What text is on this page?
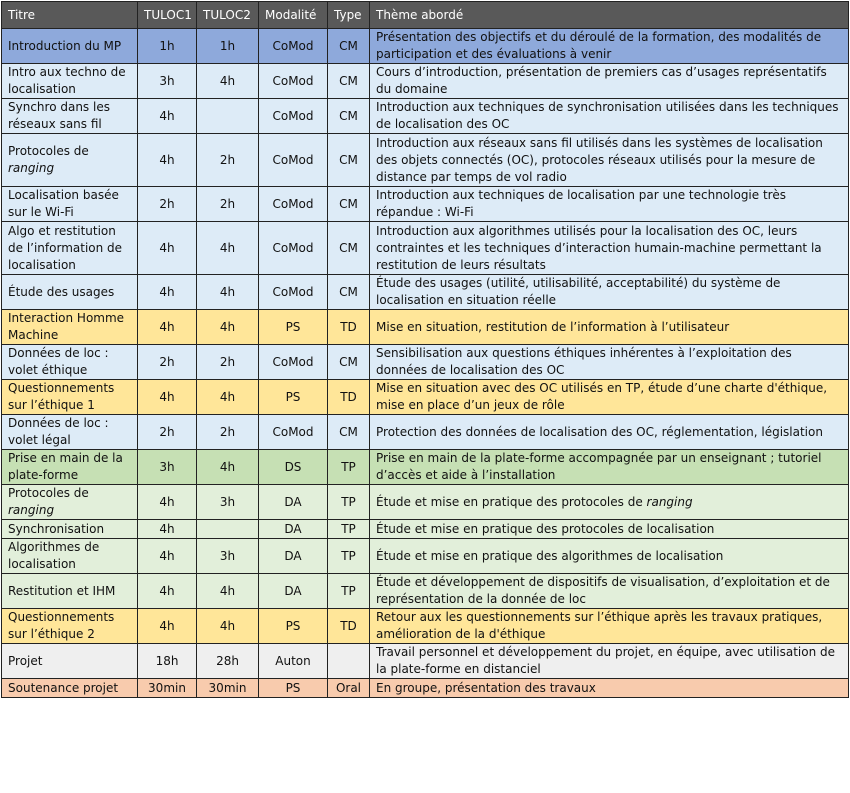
Titre	TULOC1	TULOC2	Modalité	Type	Thème abordé
Introduction du MP	1h	1h	CoMod	CM	Présentation des objectifs et du déroulé de la formation, des modalités de participation et des évaluations à venir
Intro aux techno de localisation	3h	4h	CoMod	CM	Cours d’introduction, présentation de premiers cas d’usages représentatifs du domaine
Synchro dans les réseaux sans fil	4h		CoMod	CM	Introduction aux techniques de synchronisation utilisées dans les techniques de localisation des OC
Protocoles de ranging	4h	2h	CoMod	CM	Introduction aux réseaux sans fil utilisés dans les systèmes de localisation des objets connectés (OC), protocoles réseaux utilisés pour la mesure de distance par temps de vol radio
Localisation basée sur le Wi-Fi	2h	2h	CoMod	CM	Introduction aux techniques de localisation par une technologie très répandue : Wi-Fi
Algo et restitution de l’information de localisation	4h	4h	CoMod	CM	Introduction aux algorithmes utilisés pour la localisation des OC, leurs contraintes et les techniques d’interaction humain-machine permettant la restitution de leurs résultats
Étude des usages	4h	4h	CoMod	CM	Étude des usages (utilité, utilisabilité, acceptabilité) du système de localisation en situation réelle
Interaction Homme Machine	4h	4h	PS	TD	Mise en situation, restitution de l’information à l’utilisateur
Données de loc : volet éthique	2h	2h	CoMod	CM	Sensibilisation aux questions éthiques inhérentes à l’exploitation des données de localisation des OC
Questionnements sur l’éthique 1	4h	4h	PS	TD	Mise en situation avec des OC utilisés en TP, étude d’une charte d'éthique, mise en place d’un jeux de rôle
Données de loc : volet légal	2h	2h	CoMod	CM	Protection des données de localisation des OC, réglementation, législation
Prise en main de la plate-forme	3h	4h	DS	TP	Prise en main de la plate-forme accompagnée par un enseignant ; tutoriel d’accès et aide à l’installation
Protocoles de ranging	4h	3h	DA	TP	Étude et mise en pratique des protocoles de ranging
Synchronisation	4h		DA	TP	Étude et mise en pratique des protocoles de localisation
Algorithmes de localisation	4h	3h	DA	TP	Étude et mise en pratique des algorithmes de localisation
Restitution et IHM	4h	4h	DA	TP	Étude et développement de dispositifs de visualisation, d’exploitation et de représentation de la donnée de loc
Questionnements sur l’éthique 2	4h	4h	PS	TD	Retour aux les questionnements sur l’éthique après les travaux pratiques, amélioration de la d'éthique
Projet	18h	28h	Auton		Travail personnel et développement du projet, en équipe, avec utilisation de la plate-forme en distanciel
Soutenance projet	30min	30min	PS	Oral	En groupe, présentation des travaux
